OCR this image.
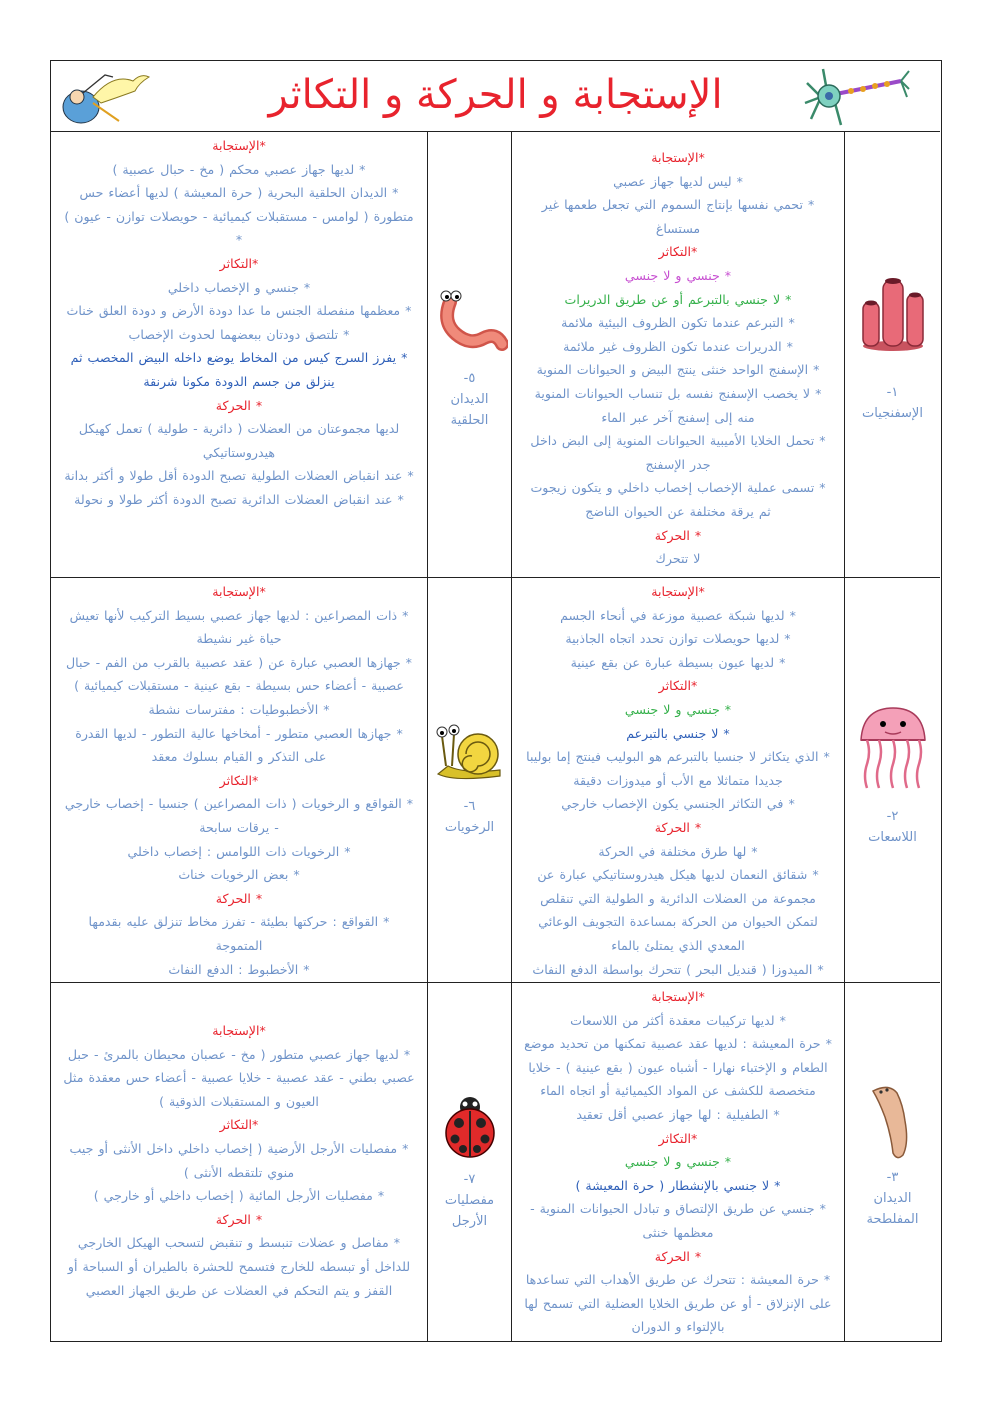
الإستجابة و الحركة و التكاثر

*الإستجابة

* لديها جهاز عصبي محكم ( مخ - حبال عصبية )

* الديدان الحلقية البحرية ( حرة المعيشة ) لديها أعضاء حس متطورة ( لوامس - مستقبلات كيميائية - حويصلات توازن - عيون )

*

*التكاثر

* جنسي و الإخصاب داخلي

* معظمها منفصلة الجنس ما عدا دودة الأرض و دودة العلق خناث

* تلتصق دودتان ببعضهما لحدوث الإخصاب

* يفرز السرج كيس من المخاط يوضع داخله البيض المخصب ثم ينزلق من جسم الدودة مكونا شرنقة

* الحركة

لديها مجموعتان من العضلات ( دائرية - طولية ) تعمل كهيكل هيدروستاتيكي

* عند انقباض العضلات الطولية تصبح الدودة أقل طولا و أكثر بدانة

* عند انقباض العضلات الدائرية تصبح الدودة أكثر طولا و نحولة

٥-
الديدان
الحلقية

*الإستجابة

* ليس لديها جهاز عصبي

* تحمي نفسها بإنتاج السموم التي تجعل طعمها غير مستساغ

*التكاثر

* جنسي و لا جنسي

* لا جنسي بالتبرعم أو عن طريق الدريرات

* التبرعم عندما تكون الظروف البيئية ملائمة

* الدريرات عندما تكون الظروف غير ملائمة

* الإسفنج الواحد خنثى ينتج البيض و الحيوانات المنوية

* لا يخصب الإسفنج نفسه بل تنساب الحيوانات المنوية منه إلى إسفنج آخر عبر الماء

* تحمل الخلايا الأميبية الحيوانات المنوية إلى البض داخل جدر الإسفنج

* تسمى عملية الإخصاب إخصاب داخلي و يتكون زيجوت ثم يرقة مختلفة عن الحيوان الناضج

* الحركة

لا تتحرك

١-
الإسفنجيات

*الإستجابة

* ذات المصراعين : لديها جهاز عصبي بسيط التركيب لأنها تعيش حياة غير نشيطة

* جهازها العصبي عبارة عن ( عقد عصبية بالقرب من الفم - حبال عصبية - أعضاء حس بسيطة - بقع عينية - مستقبلات كيميائية )

* الأخطبوطيات : مفترسات نشطة

* جهازها العصبي متطور - أمخاخها عالية التطور - لديها القدرة على التذكر و القيام بسلوك معقد

*التكاثر

* القواقع و الرخويات ( ذات المصراعين ) جنسيا - إخصاب خارجي - يرقات سابحة

* الرخويات ذات اللوامس : إخصاب داخلي

* بعض الرخويات خناث

* الحركة

* القواقع : حركتها بطيئة - تفرز مخاط تنزلق عليه بقدمها المتموجة

* الأخطبوط : الدفع النفاث

٦-
الرخويات

*الإستجابة

* لديها شبكة عصبية موزعة في أنحاء الجسم

* لديها حويصلات توازن تحدد اتجاه الجاذبية

* لديها عيون بسيطة عبارة عن بقع عينية

*التكاثر

* جنسي و لا جنسي

* لا جنسي بالتبرعم

* الذي يتكاثر لا جنسيا بالتبرعم هو البوليب فينتج إما بوليبا جديدا متماثلا مع الأب أو ميدوزات دقيقة

* في التكاثر الجنسي يكون الإخصاب خارجي

* الحركة

* لها طرق مختلفة في الحركة

* شقائق النعمان لديها هيكل هيدروستاتيكي عبارة عن مجموعة من العضلات الدائرية و الطولية التي تنقلص لتمكن الحيوان من الحركة بمساعدة التجويف الوعائي المعدي الذي يمتلئ بالماء

* الميدوزا ( قنديل البحر ) تتحرك بواسطة الدفع النفاث

٢-
اللاسعات

*الإستجابة

* لديها جهاز عصبي متطور ( مخ - عصبان محيطان بالمرئ - حبل عصبي بطني - عقد عصبية - خلايا عصبية - أعضاء حس معقدة مثل العيون و المستقبلات الذوقية )

*التكاثر

* مفصليات الأرجل الأرضية ( إخصاب داخلي داخل الأنثى أو جيب منوي تلتقطه الأنثى )

* مفصليات الأرجل المائية ( إخصاب داخلي أو خارجي )

* الحركة

* مفاصل و عضلات تنبسط و تنقبض لتسحب الهيكل الخارجي للداخل أو تبسطه للخارج فتسمح للحشرة بالطيران أو السباحة أو القفز و يتم التحكم في العضلات عن طريق الجهاز العصبي

٧-
مفصليات
الأرجل

*الإستجابة

* لديها تركيبات معقدة أكثر من اللاسعات

* حرة المعيشة : لديها عقد عصبية تمكنها من تحديد موضع الطعام و الإختباء نهارا - أشباه عيون ( بقع عينية ) - خلايا متخصصة للكشف عن المواد الكيميائية أو اتجاه الماء

* الطفيلية : لها جهاز عصبي أقل تعقيد

*التكاثر

* جنسي و لا جنسي

* لا جنسي بالإنشطار ( حرة المعيشة )

* جنسي عن طريق الإلتصاق و تبادل الحيوانات المنوية - معظمها خنثى

* الحركة

* حرة المعيشة : تتحرك عن طريق الأهداب التي تساعدها على الإنزلاق - أو عن طريق الخلايا العضلية التي تسمح لها بالإلتواء و الدوران

٣-
الديدان
المفلطحة
